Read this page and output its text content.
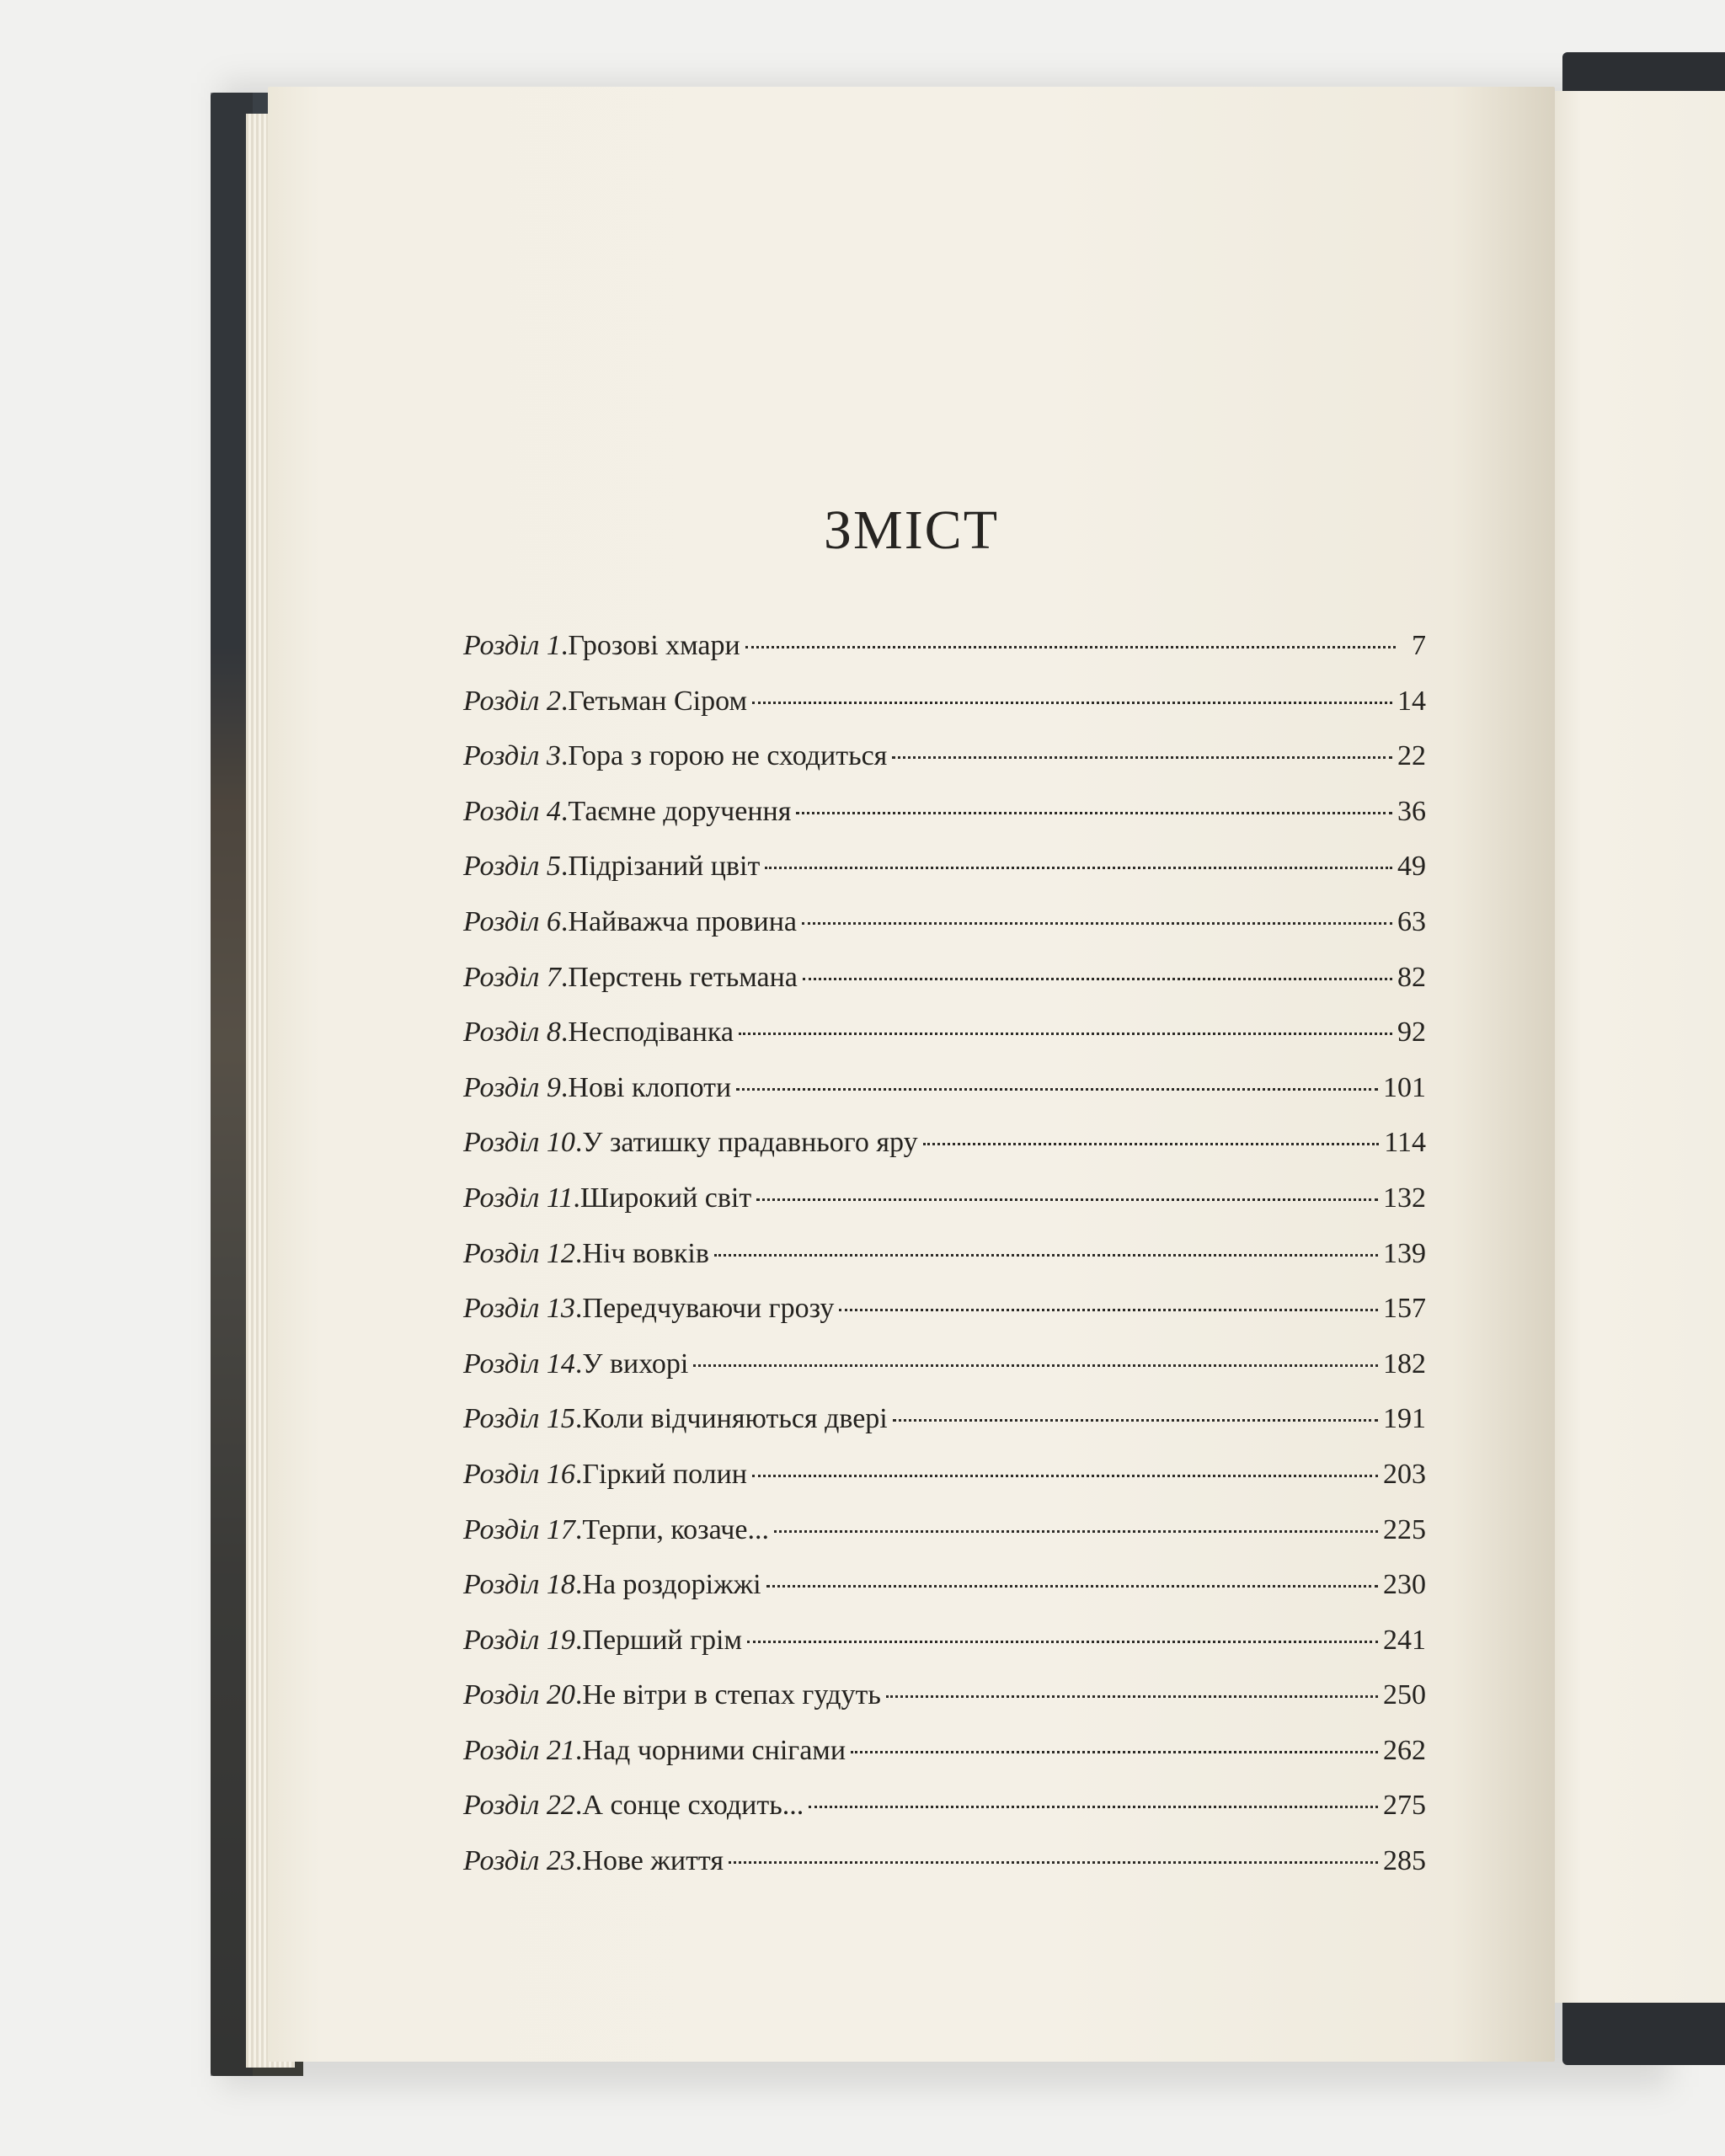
ЗМІСТ
Розділ 1 . Грозові хмари	7
Розділ 2 . Гетьман Сіром	14
Розділ 3 . Гора з горою не сходиться	22
Розділ 4 . Таємне доручення	36
Розділ 5 . Підрізаний цвіт	49
Розділ 6 . Найважча провина	63
Розділ 7 . Перстень гетьмана	82
Розділ 8 . Несподіванка	92
Розділ 9 . Нові клопоти	101
Розділ 10 . У затишку прадавнього яру	114
Розділ 11 . Широкий світ	132
Розділ 12 . Ніч вовків	139
Розділ 13 . Передчуваючи грозу	157
Розділ 14 . У вихорі	182
Розділ 15 . Коли відчиняються двері	191
Розділ 16 . Гіркий полин	203
Розділ 17 . Терпи, козаче...	225
Розділ 18 . На роздоріжжі	230
Розділ 19 . Перший грім	241
Розділ 20 . Не вітри в степах гудуть	250
Розділ 21 . Над чорними снігами	262
Розділ 22 . А сонце сходить...	275
Розділ 23 . Нове життя	285
